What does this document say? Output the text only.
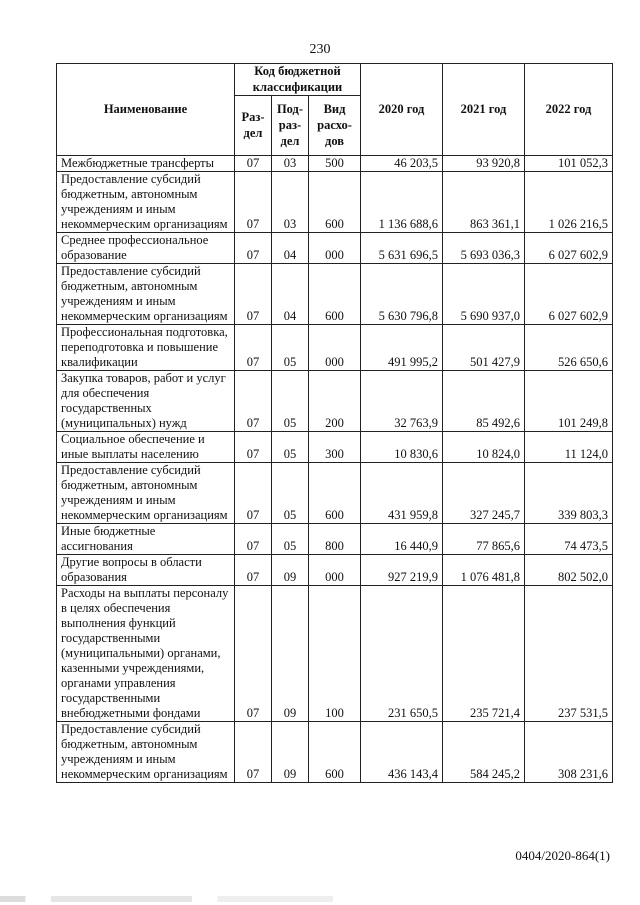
230
Наименование	Код бюджетной классификации			2020 год	2021 год	2022 год
	Раз-дел	Под-раз-дел	Вид расхо-дов			
Межбюджетные трансферты	07	03	500	46 203,5	93 920,8	101 052,3
Предоставление субсидий бюджетным, автономным учреждениям и иным некоммерческим организациям	07	03	600	1 136 688,6	863 361,1	1 026 216,5
Среднее профессиональное образование	07	04	000	5 631 696,5	5 693 036,3	6 027 602,9
Предоставление субсидий бюджетным, автономным учреждениям и иным некоммерческим организациям	07	04	600	5 630 796,8	5 690 937,0	6 027 602,9
Профессиональная подготовка, переподготовка и повышение квалификации	07	05	000	491 995,2	501 427,9	526 650,6
Закупка товаров, работ и услуг для обеспечения государственных (муниципальных) нужд	07	05	200	32 763,9	85 492,6	101 249,8
Социальное обеспечение и иные выплаты населению	07	05	300	10 830,6	10 824,0	11 124,0
Предоставление субсидий бюджетным, автономным учреждениям и иным некоммерческим организациям	07	05	600	431 959,8	327 245,7	339 803,3
Иные бюджетные ассигнования	07	05	800	16 440,9	77 865,6	74 473,5
Другие вопросы в области образования	07	09	000	927 219,9	1 076 481,8	802 502,0
Расходы на выплаты персоналу в целях обеспечения выполнения функций государственными (муниципальными) органами, казенными учреждениями, органами управления государственными внебюджетными фондами	07	09	100	231 650,5	235 721,4	237 531,5
Предоставление субсидий бюджетным, автономным учреждениям и иным некоммерческим организациям	07	09	600	436 143,4	584 245,2	308 231,6
0404/2020-864(1)
